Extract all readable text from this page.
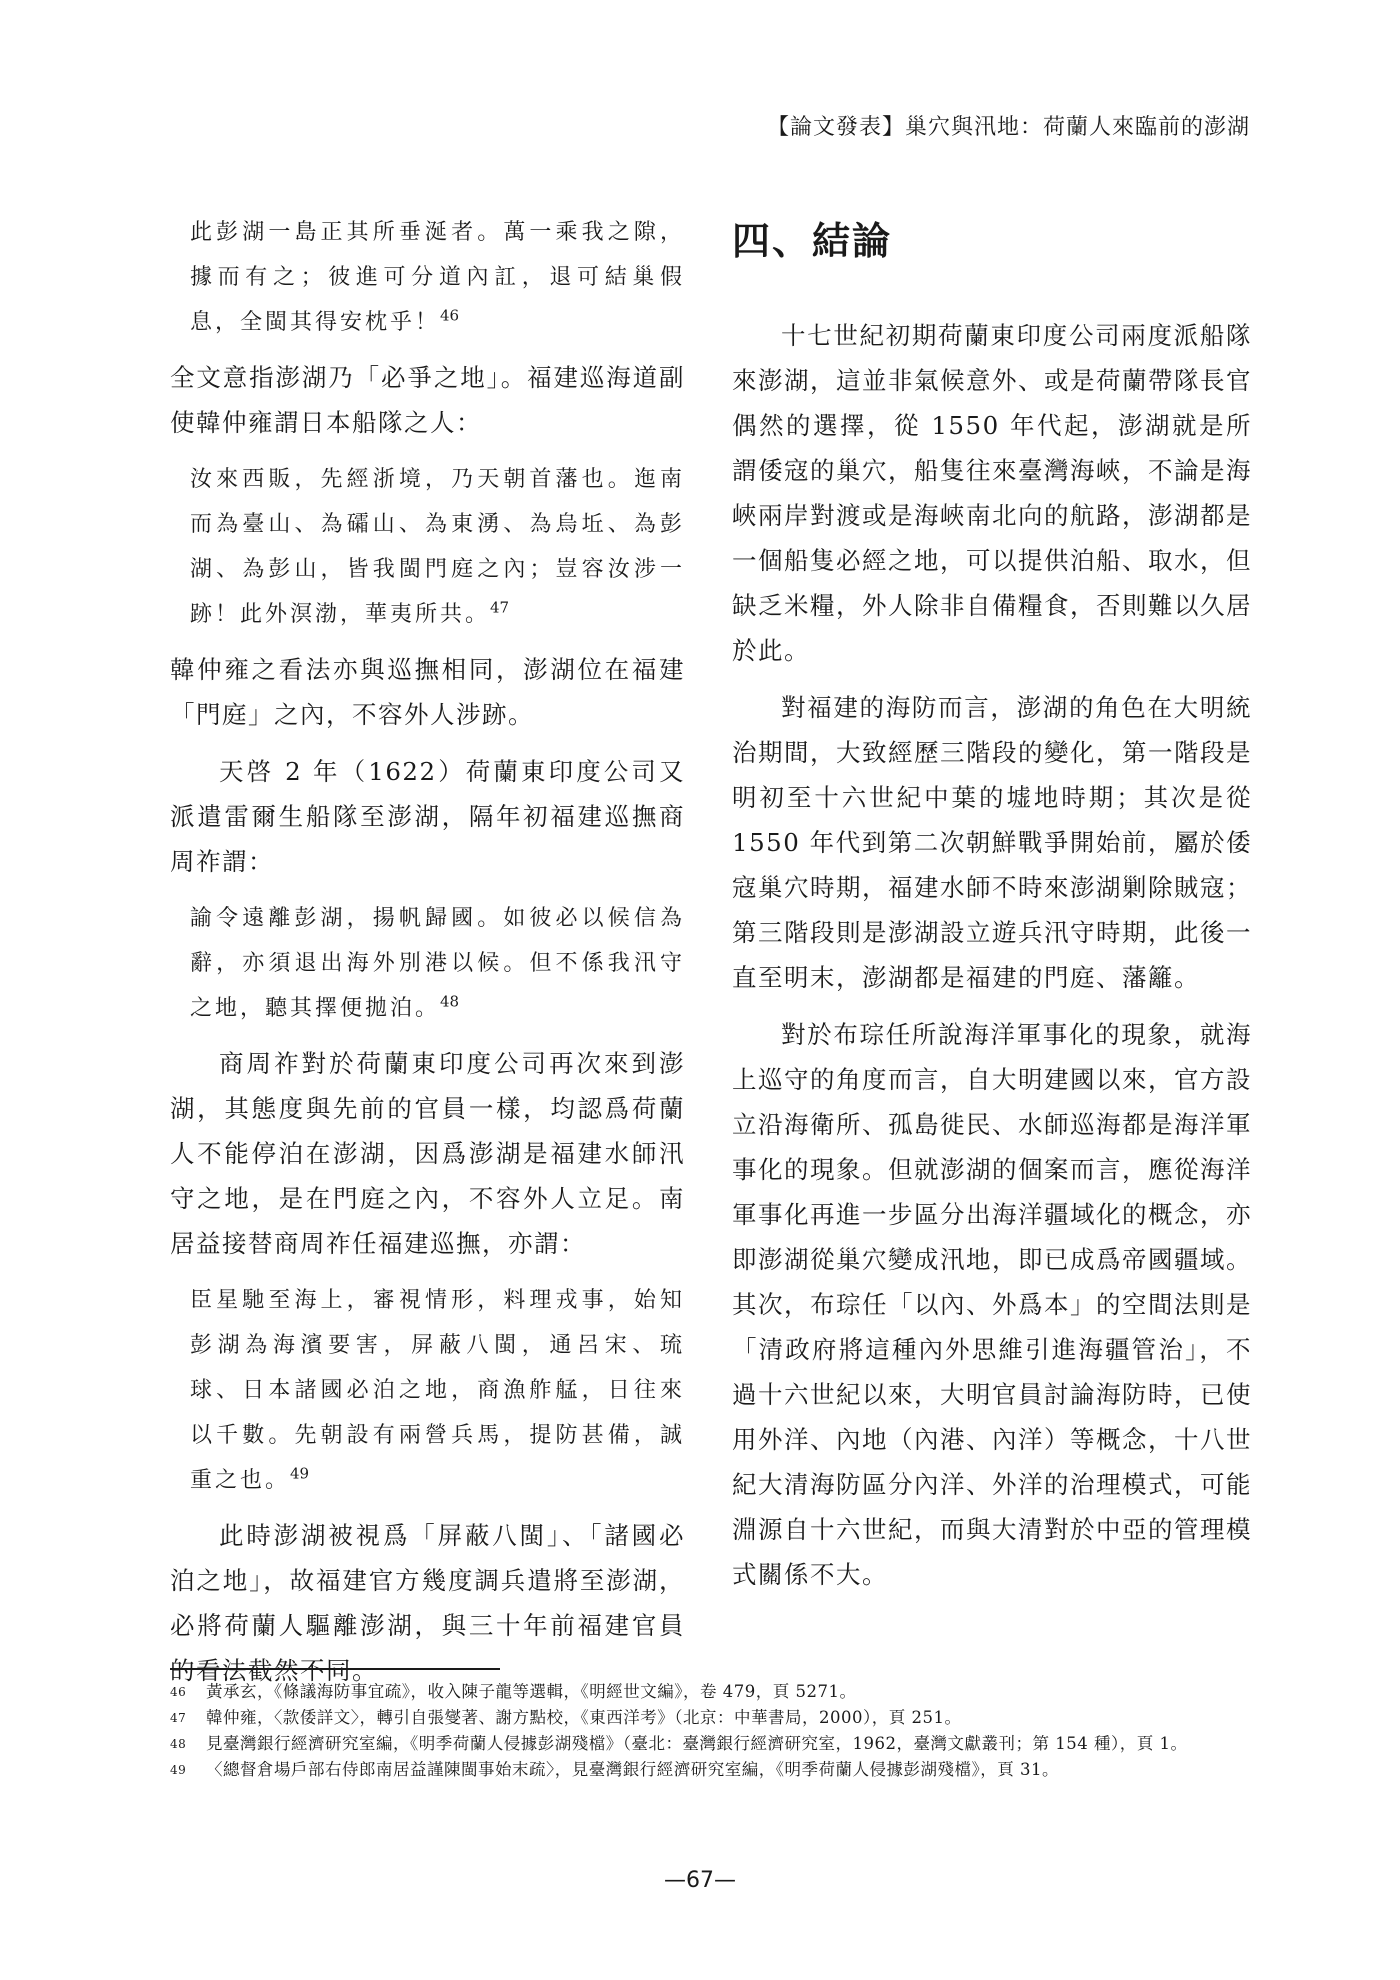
【論文發表】巢穴與汛地：荷蘭人來臨前的澎湖

此彭湖一島正其所垂涎者。萬一乘我之隙，據而有之；彼進可分道內訌，退可結巢假息，全閩其得安枕乎！$^{46}$

全文意指澎湖乃「必爭之地」。福建巡海道副使韓仲雍謂日本船隊之人：

汝來西販，先經浙境，乃天朝首藩也。迤南而為臺山、為礵山、為東湧、為烏坵、為彭湖、為彭山，皆我閩門庭之內；豈容汝涉一跡！此外溟渤，華夷所共。$^{47}$

韓仲雍之看法亦與巡撫相同，澎湖位在福建「門庭」之內，不容外人涉跡。

天啓 2 年（1622）荷蘭東印度公司又派遣雷爾生船隊至澎湖，隔年初福建巡撫商周祚謂：

諭令遠離彭湖，揚帆歸國。如彼必以候信為辭，亦須退出海外別港以候。但不係我汛守之地，聽其擇便拋泊。$^{48}$

商周祚對於荷蘭東印度公司再次來到澎湖，其態度與先前的官員一樣，均認爲荷蘭人不能停泊在澎湖，因爲澎湖是福建水師汛守之地，是在門庭之內，不容外人立足。南居益接替商周祚任福建巡撫，亦謂：

臣星馳至海上，審視情形，料理戎事，始知彭湖為海濱要害，屏蔽八閩，通呂宋、琉球、日本諸國必泊之地，商漁舴艋，日往來以千數。先朝設有兩營兵馬，提防甚備，誠重之也。$^{49}$

此時澎湖被視爲「屏蔽八閩」、「諸國必泊之地」，故福建官方幾度調兵遣將至澎湖，必將荷蘭人驅離澎湖，與三十年前福建官員的看法截然不同。

四、結論

十七世紀初期荷蘭東印度公司兩度派船隊來澎湖，這並非氣候意外、或是荷蘭帶隊長官偶然的選擇，從 1550 年代起，澎湖就是所謂倭寇的巢穴，船隻往來臺灣海峽，不論是海峽兩岸對渡或是海峽南北向的航路，澎湖都是一個船隻必經之地，可以提供泊船、取水，但缺乏米糧，外人除非自備糧食，否則難以久居於此。

對福建的海防而言，澎湖的角色在大明統治期間，大致經歷三階段的變化，第一階段是明初至十六世紀中葉的墟地時期；其次是從 1550 年代到第二次朝鮮戰爭開始前，屬於倭寇巢穴時期，福建水師不時來澎湖剿除賊寇；第三階段則是澎湖設立遊兵汛守時期，此後一直至明末，澎湖都是福建的門庭、藩籬。

對於布琮任所說海洋軍事化的現象，就海上巡守的角度而言，自大明建國以來，官方設立沿海衛所、孤島徙民、水師巡海都是海洋軍事化的現象。但就澎湖的個案而言，應從海洋軍事化再進一步區分出海洋疆域化的概念，亦即澎湖從巢穴變成汛地，即已成爲帝國疆域。其次，布琮任「以內、外爲本」的空間法則是「清政府將這種內外思維引進海疆管治」，不過十六世紀以來，大明官員討論海防時，已使用外洋、內地（內港、內洋）等概念，十八世紀大清海防區分內洋、外洋的治理模式，可能淵源自十六世紀，而與大清對於中亞的管理模式關係不大。

46	黃承玄，《條議海防事宜疏》，收入陳子龍等選輯，《明經世文編》，卷 479，頁 5271。
47	韓仲雍，〈款倭詳文〉，轉引自張燮著、謝方點校，《東西洋考》（北京：中華書局，2000），頁 251。
48	見臺灣銀行經濟研究室編，《明季荷蘭人侵據彭湖殘檔》（臺北：臺灣銀行經濟研究室，1962，臺灣文獻叢刊；第 154 種），頁 1。
49	〈總督倉場戶部右侍郎南居益謹陳閩事始末疏〉，見臺灣銀行經濟研究室編，《明季荷蘭人侵據彭湖殘檔》，頁 31。
—67—
